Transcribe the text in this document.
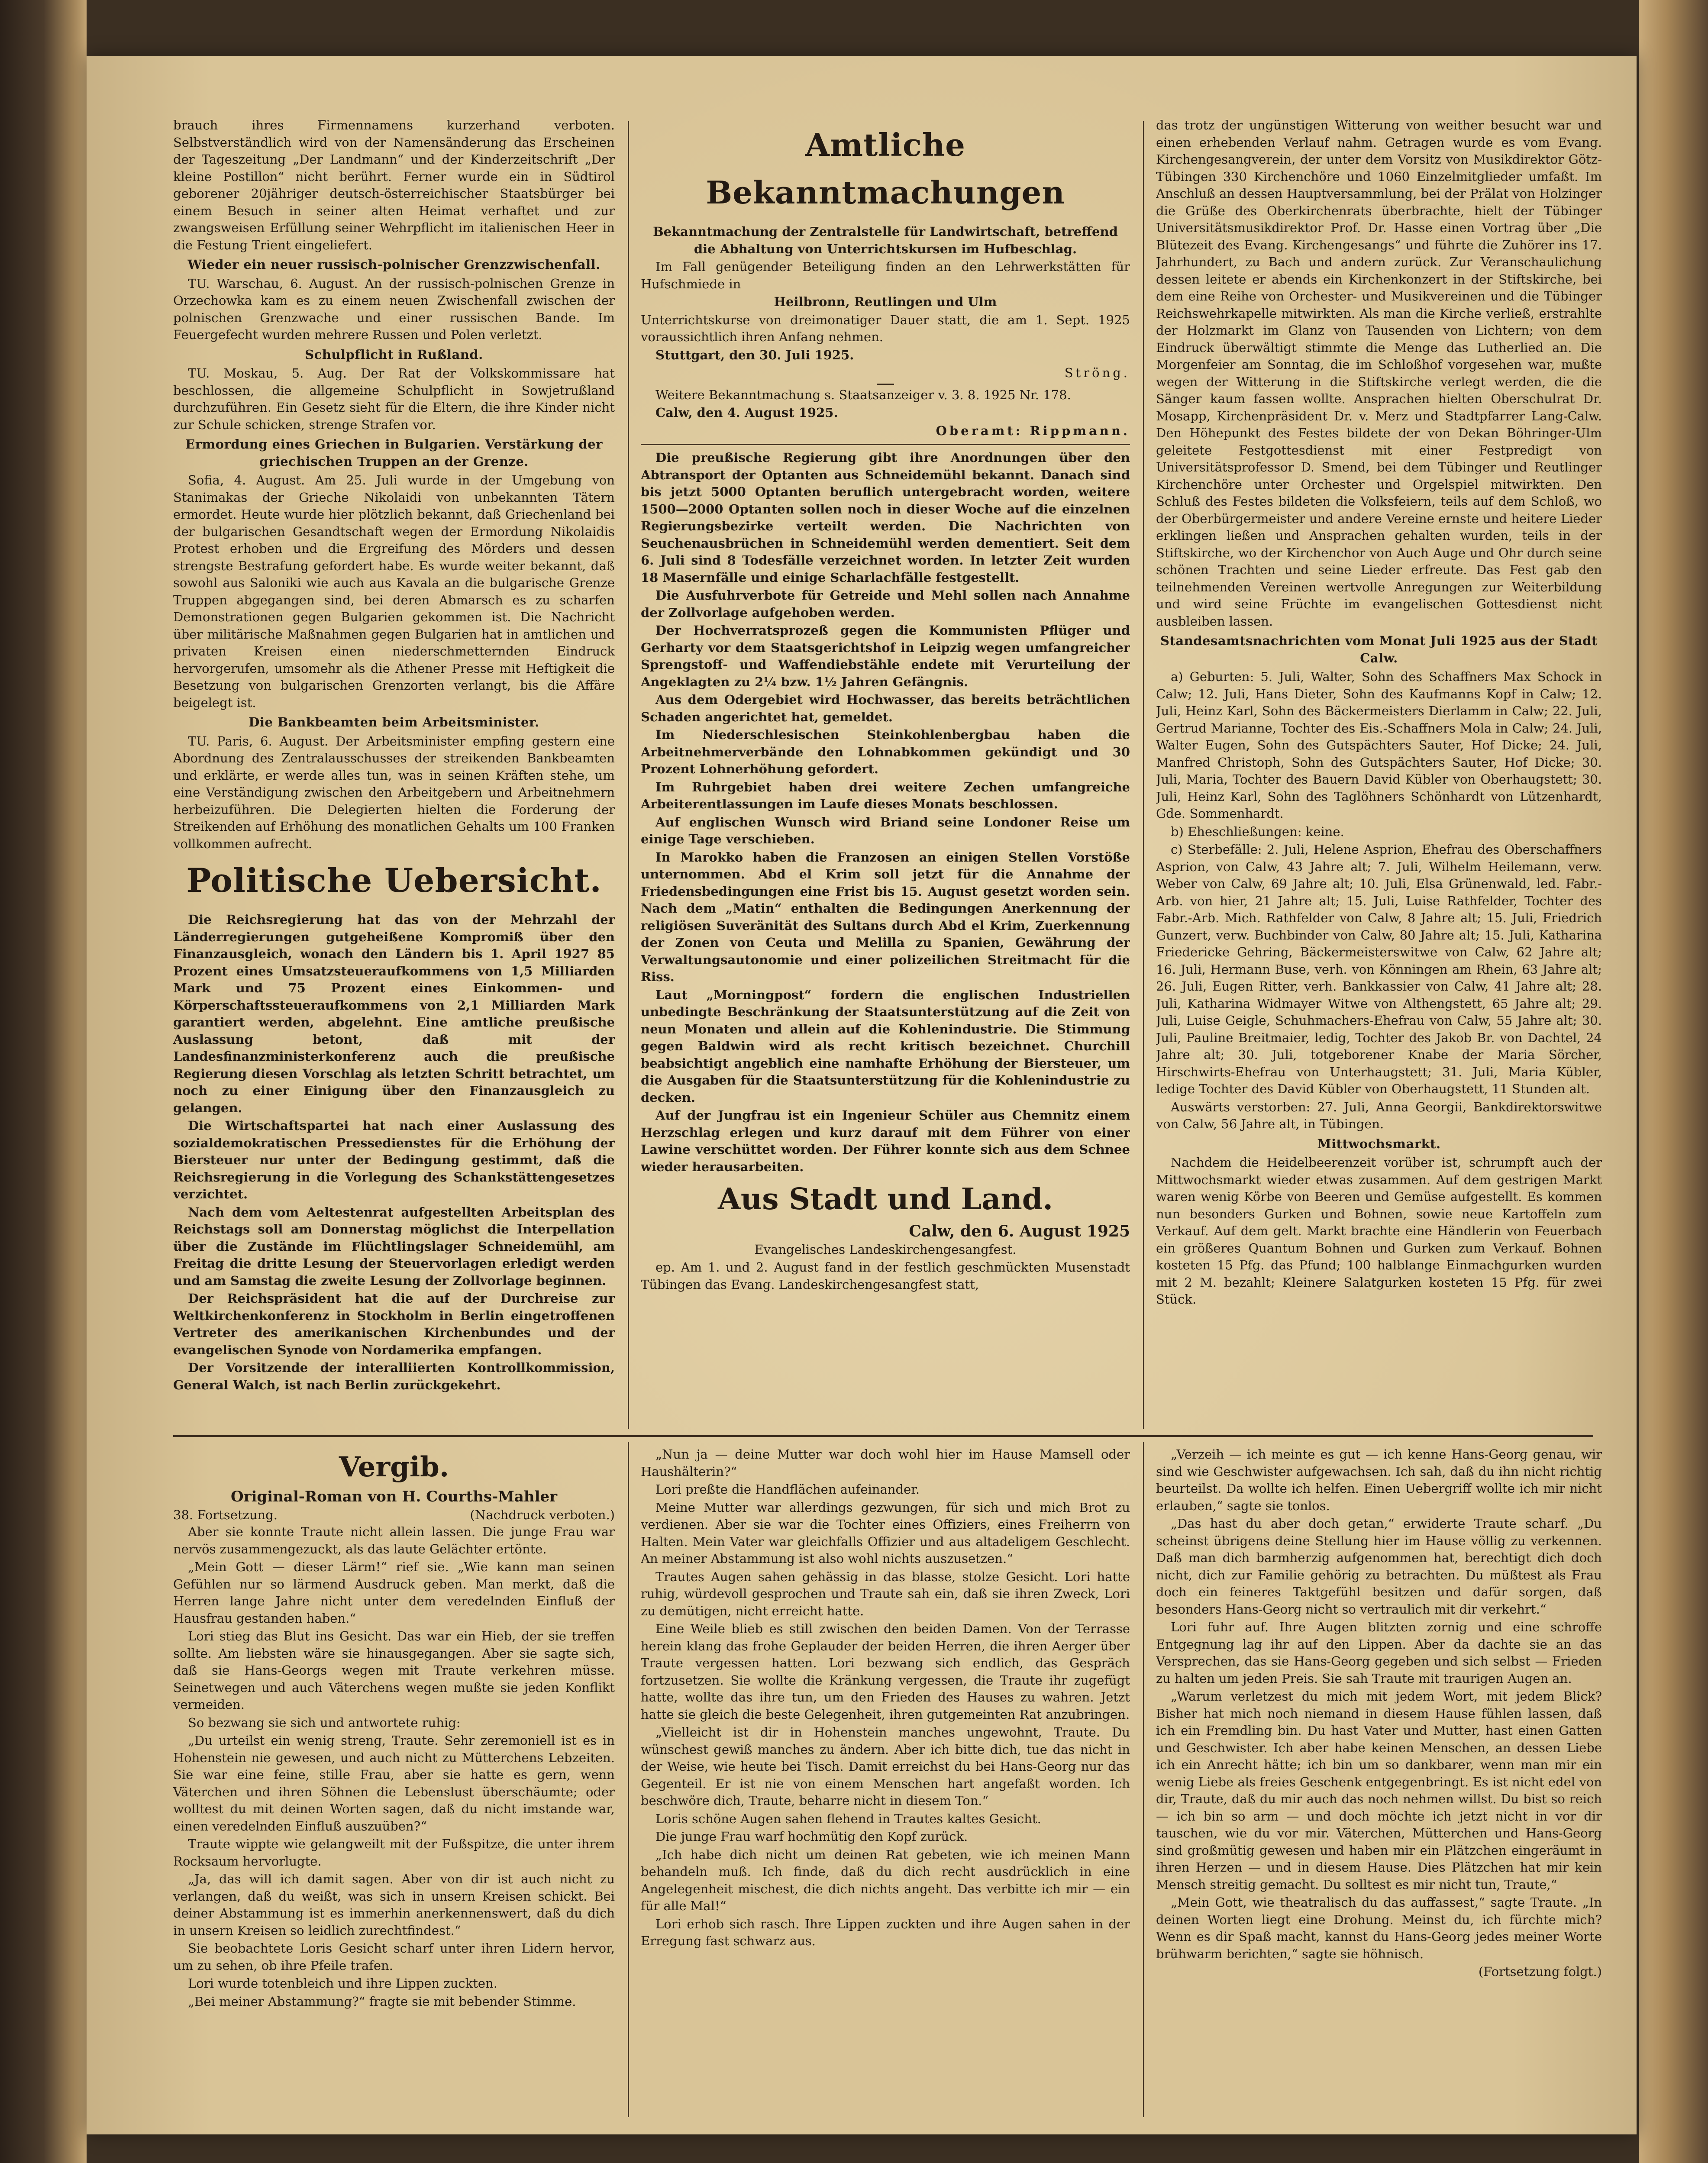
brauch ihres Firmennamens kurzerhand verboten. Selbstverständlich wird von der Namensänderung das Erscheinen der Tageszeitung „Der Landmann“ und der Kinderzeitschrift „Der kleine Postillon“ nicht berührt. Ferner wurde ein in Südtirol geborener 20jähriger deutsch-österreichischer Staatsbürger bei einem Besuch in seiner alten Heimat verhaftet und zur zwangsweisen Erfüllung seiner Wehrpflicht im italienischen Heer in die Festung Trient eingeliefert.

Wieder ein neuer russisch-polnischer Grenzzwischenfall.

TU. Warschau, 6. August. An der russisch-polnischen Grenze in Orzechowka kam es zu einem neuen Zwischenfall zwischen der polnischen Grenzwache und einer russischen Bande. Im Feuergefecht wurden mehrere Russen und Polen verletzt.

Schulpflicht in Rußland.

TU. Moskau, 5. Aug. Der Rat der Volkskommissare hat beschlossen, die allgemeine Schulpflicht in Sowjetrußland durchzuführen. Ein Gesetz sieht für die Eltern, die ihre Kinder nicht zur Schule schicken, strenge Strafen vor.

Ermordung eines Griechen in Bulgarien. Verstärkung der griechischen Truppen an der Grenze.

Sofia, 4. August. Am 25. Juli wurde in der Umgebung von Stanimakas der Grieche Nikolaidi von unbekannten Tätern ermordet. Heute wurde hier plötzlich bekannt, daß Griechenland bei der bulgarischen Gesandtschaft wegen der Ermordung Nikolaidis Protest erhoben und die Ergreifung des Mörders und dessen strengste Bestrafung gefordert habe. Es wurde weiter bekannt, daß sowohl aus Saloniki wie auch aus Kavala an die bulgarische Grenze Truppen abgegangen sind, bei deren Abmarsch es zu scharfen Demonstrationen gegen Bulgarien gekommen ist. Die Nachricht über militärische Maßnahmen gegen Bulgarien hat in amtlichen und privaten Kreisen einen niederschmetternden Eindruck hervorgerufen, umsomehr als die Athener Presse mit Heftigkeit die Besetzung von bulgarischen Grenzorten verlangt, bis die Affäre beigelegt ist.

Die Bankbeamten beim Arbeitsminister.

TU. Paris, 6. August. Der Arbeitsminister empfing gestern eine Abordnung des Zentralausschusses der streikenden Bankbeamten und erklärte, er werde alles tun, was in seinen Kräften stehe, um eine Verständigung zwischen den Arbeitgebern und Arbeitnehmern herbeizuführen. Die Delegierten hielten die Forderung der Streikenden auf Erhöhung des monatlichen Gehalts um 100 Franken vollkommen aufrecht.

Politische Uebersicht.

Die Reichsregierung hat das von der Mehrzahl der Länderregierungen gutgeheißene Kompromiß über den Finanzausgleich, wonach den Ländern bis 1. April 1927 85 Prozent eines Umsatzsteueraufkommens von 1,5 Milliarden Mark und 75 Prozent eines Einkommen- und Körperschaftssteueraufkommens von 2,1 Milliarden Mark garantiert werden, abgelehnt. Eine amtliche preußische Auslassung betont, daß mit der Landesfinanzministerkonferenz auch die preußische Regierung diesen Vorschlag als letzten Schritt betrachtet, um noch zu einer Einigung über den Finanzausgleich zu gelangen.

Die Wirtschaftspartei hat nach einer Auslassung des sozialdemokratischen Pressedienstes für die Erhöhung der Biersteuer nur unter der Bedingung gestimmt, daß die Reichsregierung in die Vorlegung des Schankstättengesetzes verzichtet.

Nach dem vom Aeltestenrat aufgestellten Arbeitsplan des Reichstags soll am Donnerstag möglichst die Interpellation über die Zustände im Flüchtlingslager Schneidemühl, am Freitag die dritte Lesung der Steuervorlagen erledigt werden und am Samstag die zweite Lesung der Zollvorlage beginnen.

Der Reichspräsident hat die auf der Durchreise zur Weltkirchenkonferenz in Stockholm in Berlin eingetroffenen Vertreter des amerikanischen Kirchenbundes und der evangelischen Synode von Nordamerika empfangen.

Der Vorsitzende der interalliierten Kontrollkommission, General Walch, ist nach Berlin zurückgekehrt.

Amtliche Bekanntmachungen

Bekanntmachung der Zentralstelle für Landwirtschaft, betreffend die Abhaltung von Unterrichtskursen im Hufbeschlag.

Im Fall genügender Beteiligung finden an den Lehrwerkstätten für Hufschmiede in

Heilbronn, Reutlingen und Ulm

Unterrichtskurse von dreimonatiger Dauer statt, die am 1. Sept. 1925 voraussichtlich ihren Anfang nehmen.

Stuttgart, den 30. Juli 1925.

Ströng.

Weitere Bekanntmachung s. Staatsanzeiger v. 3. 8. 1925 Nr. 178.

Calw, den 4. August 1925.

Oberamt: Rippmann.

Die preußische Regierung gibt ihre Anordnungen über den Abtransport der Optanten aus Schneidemühl bekannt. Danach sind bis jetzt 5000 Optanten beruflich untergebracht worden, weitere 1500—2000 Optanten sollen noch in dieser Woche auf die einzelnen Regierungsbezirke verteilt werden. Die Nachrichten von Seuchenausbrüchen in Schneidemühl werden dementiert. Seit dem 6. Juli sind 8 Todesfälle verzeichnet worden. In letzter Zeit wurden 18 Masernfälle und einige Scharlachfälle festgestellt.

Die Ausfuhrverbote für Getreide und Mehl sollen nach Annahme der Zollvorlage aufgehoben werden.

Der Hochverratsprozeß gegen die Kommunisten Pflüger und Gerharty vor dem Staatsgerichtshof in Leipzig wegen umfangreicher Sprengstoff- und Waffendiebstähle endete mit Verurteilung der Angeklagten zu 2¼ bzw. 1½ Jahren Gefängnis.

Aus dem Odergebiet wird Hochwasser, das bereits beträchtlichen Schaden angerichtet hat, gemeldet.

Im Niederschlesischen Steinkohlenbergbau haben die Arbeitnehmerverbände den Lohnabkommen gekündigt und 30 Prozent Lohnerhöhung gefordert.

Im Ruhrgebiet haben drei weitere Zechen umfangreiche Arbeiterentlassungen im Laufe dieses Monats beschlossen.

Auf englischen Wunsch wird Briand seine Londoner Reise um einige Tage verschieben.

In Marokko haben die Franzosen an einigen Stellen Vorstöße unternommen. Abd el Krim soll jetzt für die Annahme der Friedensbedingungen eine Frist bis 15. August gesetzt worden sein. Nach dem „Matin“ enthalten die Bedingungen Anerkennung der religiösen Suveränität des Sultans durch Abd el Krim, Zuerkennung der Zonen von Ceuta und Melilla zu Spanien, Gewährung der Verwaltungsautonomie und einer polizeilichen Streitmacht für die Riss.

Laut „Morningpost“ fordern die englischen Industriellen unbedingte Beschränkung der Staatsunterstützung auf die Zeit von neun Monaten und allein auf die Kohlenindustrie. Die Stimmung gegen Baldwin wird als recht kritisch bezeichnet. Churchill beabsichtigt angeblich eine namhafte Erhöhung der Biersteuer, um die Ausgaben für die Staatsunterstützung für die Kohlenindustrie zu decken.

Auf der Jungfrau ist ein Ingenieur Schüler aus Chemnitz einem Herzschlag erlegen und kurz darauf mit dem Führer von einer Lawine verschüttet worden. Der Führer konnte sich aus dem Schnee wieder herausarbeiten.

Aus Stadt und Land.

Calw, den 6. August 1925

Evangelisches Landeskirchengesangfest.

ep. Am 1. und 2. August fand in der festlich geschmückten Musenstadt Tübingen das Evang. Landeskirchengesangfest statt,

das trotz der ungünstigen Witterung von weither besucht war und einen erhebenden Verlauf nahm. Getragen wurde es vom Evang. Kirchengesangverein, der unter dem Vorsitz von Musikdirektor Götz-Tübingen 330 Kirchenchöre und 1060 Einzelmitglieder umfaßt. Im Anschluß an dessen Hauptversammlung, bei der Prälat von Holzinger die Grüße des Oberkirchenrats überbrachte, hielt der Tübinger Universitätsmusikdirektor Prof. Dr. Hasse einen Vortrag über „Die Blütezeit des Evang. Kirchengesangs“ und führte die Zuhörer ins 17. Jahrhundert, zu Bach und andern zurück. Zur Veranschaulichung dessen leitete er abends ein Kirchenkonzert in der Stiftskirche, bei dem eine Reihe von Orchester- und Musikvereinen und die Tübinger Reichswehrkapelle mitwirkten. Als man die Kirche verließ, erstrahlte der Holzmarkt im Glanz von Tausenden von Lichtern; von dem Eindruck überwältigt stimmte die Menge das Lutherlied an. Die Morgenfeier am Sonntag, die im Schloßhof vorgesehen war, mußte wegen der Witterung in die Stiftskirche verlegt werden, die die Sänger kaum fassen wollte. Ansprachen hielten Oberschulrat Dr. Mosapp, Kirchenpräsident Dr. v. Merz und Stadtpfarrer Lang-Calw. Den Höhepunkt des Festes bildete der von Dekan Böhringer-Ulm geleitete Festgottesdienst mit einer Festpredigt von Universitätsprofessor D. Smend, bei dem Tübinger und Reutlinger Kirchenchöre unter Orchester und Orgelspiel mitwirkten. Den Schluß des Festes bildeten die Volksfeiern, teils auf dem Schloß, wo der Oberbürgermeister und andere Vereine ernste und heitere Lieder erklingen ließen und Ansprachen gehalten wurden, teils in der Stiftskirche, wo der Kirchenchor von Auch Auge und Ohr durch seine schönen Trachten und seine Lieder erfreute. Das Fest gab den teilnehmenden Vereinen wertvolle Anregungen zur Weiterbildung und wird seine Früchte im evangelischen Gottesdienst nicht ausbleiben lassen.

Standesamtsnachrichten vom Monat Juli 1925 aus der Stadt Calw.

a) Geburten: 5. Juli, Walter, Sohn des Schaffners Max Schock in Calw; 12. Juli, Hans Dieter, Sohn des Kaufmanns Kopf in Calw; 12. Juli, Heinz Karl, Sohn des Bäckermeisters Dierlamm in Calw; 22. Juli, Gertrud Marianne, Tochter des Eis.-Schaffners Mola in Calw; 24. Juli, Walter Eugen, Sohn des Gutspächters Sauter, Hof Dicke; 24. Juli, Manfred Christoph, Sohn des Gutspächters Sauter, Hof Dicke; 30. Juli, Maria, Tochter des Bauern David Kübler von Oberhaugstett; 30. Juli, Heinz Karl, Sohn des Taglöhners Schönhardt von Lützenhardt, Gde. Sommenhardt.

b) Eheschließungen: keine.

c) Sterbefälle: 2. Juli, Helene Asprion, Ehefrau des Oberschaffners Asprion, von Calw, 43 Jahre alt; 7. Juli, Wilhelm Heilemann, verw. Weber von Calw, 69 Jahre alt; 10. Juli, Elsa Grünenwald, led. Fabr.-Arb. von hier, 21 Jahre alt; 15. Juli, Luise Rathfelder, Tochter des Fabr.-Arb. Mich. Rathfelder von Calw, 8 Jahre alt; 15. Juli, Friedrich Gunzert, verw. Buchbinder von Calw, 80 Jahre alt; 15. Juli, Katharina Friedericke Gehring, Bäckermeisterswitwe von Calw, 62 Jahre alt; 16. Juli, Hermann Buse, verh. von Könningen am Rhein, 63 Jahre alt; 26. Juli, Eugen Ritter, verh. Bankkassier von Calw, 41 Jahre alt; 28. Juli, Katharina Widmayer Witwe von Althengstett, 65 Jahre alt; 29. Juli, Luise Geigle, Schuhmachers-Ehefrau von Calw, 55 Jahre alt; 30. Juli, Pauline Breitmaier, ledig, Tochter des Jakob Br. von Dachtel, 24 Jahre alt; 30. Juli, totgeborener Knabe der Maria Sörcher, Hirschwirts-Ehefrau von Unterhaugstett; 31. Juli, Maria Kübler, ledige Tochter des David Kübler von Oberhaugstett, 11 Stunden alt.

Auswärts verstorben: 27. Juli, Anna Georgii, Bankdirektorswitwe von Calw, 56 Jahre alt, in Tübingen.

Mittwochsmarkt.

Nachdem die Heidelbeerenzeit vorüber ist, schrumpft auch der Mittwochsmarkt wieder etwas zusammen. Auf dem gestrigen Markt waren wenig Körbe von Beeren und Gemüse aufgestellt. Es kommen nun besonders Gurken und Bohnen, sowie neue Kartoffeln zum Verkauf. Auf dem gelt. Markt brachte eine Händlerin von Feuerbach ein größeres Quantum Bohnen und Gurken zum Verkauf. Bohnen kosteten 15 Pfg. das Pfund; 100 halblange Einmachgurken wurden mit 2 M. bezahlt; Kleinere Salatgurken kosteten 15 Pfg. für zwei Stück.

Vergib.

Original-Roman von H. Courths-Mahler

38. Fortsetzung.	(Nachdruck verboten.)

Aber sie konnte Traute nicht allein lassen. Die junge Frau war nervös zusammengezuckt, als das laute Gelächter ertönte.

„Mein Gott — dieser Lärm!“ rief sie. „Wie kann man seinen Gefühlen nur so lärmend Ausdruck geben. Man merkt, daß die Herren lange Jahre nicht unter dem veredelnden Einfluß der Hausfrau gestanden haben.“

Lori stieg das Blut ins Gesicht. Das war ein Hieb, der sie treffen sollte. Am liebsten wäre sie hinausgegangen. Aber sie sagte sich, daß sie Hans-Georgs wegen mit Traute verkehren müsse. Seinetwegen und auch Väterchens wegen mußte sie jeden Konflikt vermeiden.

So bezwang sie sich und antwortete ruhig:

„Du urteilst ein wenig streng, Traute. Sehr zeremoniell ist es in Hohenstein nie gewesen, und auch nicht zu Mütterchens Lebzeiten. Sie war eine feine, stille Frau, aber sie hatte es gern, wenn Väterchen und ihren Söhnen die Lebenslust überschäumte; oder wolltest du mit deinen Worten sagen, daß du nicht imstande war, einen veredelnden Einfluß auszuüben?“

Traute wippte wie gelangweilt mit der Fußspitze, die unter ihrem Rocksaum hervorlugte.

„Ja, das will ich damit sagen. Aber von dir ist auch nicht zu verlangen, daß du weißt, was sich in unsern Kreisen schickt. Bei deiner Abstammung ist es immerhin anerkennenswert, daß du dich in unsern Kreisen so leidlich zurechtfindest.“

Sie beobachtete Loris Gesicht scharf unter ihren Lidern hervor, um zu sehen, ob ihre Pfeile trafen.

Lori wurde totenbleich und ihre Lippen zuckten.

„Bei meiner Abstammung?“ fragte sie mit bebender Stimme.

„Nun ja — deine Mutter war doch wohl hier im Hause Mamsell oder Haushälterin?“

Lori preßte die Handflächen aufeinander.

Meine Mutter war allerdings gezwungen, für sich und mich Brot zu verdienen. Aber sie war die Tochter eines Offiziers, eines Freiherrn von Halten. Mein Vater war gleichfalls Offizier und aus altadeligem Geschlecht. An meiner Abstammung ist also wohl nichts auszusetzen.“

Trautes Augen sahen gehässig in das blasse, stolze Gesicht. Lori hatte ruhig, würdevoll gesprochen und Traute sah ein, daß sie ihren Zweck, Lori zu demütigen, nicht erreicht hatte.

Eine Weile blieb es still zwischen den beiden Damen. Von der Terrasse herein klang das frohe Geplauder der beiden Herren, die ihren Aerger über Traute vergessen hatten. Lori bezwang sich endlich, das Gespräch fortzusetzen. Sie wollte die Kränkung vergessen, die Traute ihr zugefügt hatte, wollte das ihre tun, um den Frieden des Hauses zu wahren. Jetzt hatte sie gleich die beste Gelegenheit, ihren gutgemeinten Rat anzubringen.

„Vielleicht ist dir in Hohenstein manches ungewohnt, Traute. Du wünschest gewiß manches zu ändern. Aber ich bitte dich, tue das nicht in der Weise, wie heute bei Tisch. Damit erreichst du bei Hans-Georg nur das Gegenteil. Er ist nie von einem Menschen hart angefaßt worden. Ich beschwöre dich, Traute, beharre nicht in diesem Ton.“

Loris schöne Augen sahen flehend in Trautes kaltes Gesicht.

Die junge Frau warf hochmütig den Kopf zurück.

„Ich habe dich nicht um deinen Rat gebeten, wie ich meinen Mann behandeln muß. Ich finde, daß du dich recht ausdrücklich in eine Angelegenheit mischest, die dich nichts angeht. Das verbitte ich mir — ein für alle Mal!“

Lori erhob sich rasch. Ihre Lippen zuckten und ihre Augen sahen in der Erregung fast schwarz aus.

„Verzeih — ich meinte es gut — ich kenne Hans-Georg genau, wir sind wie Geschwister aufgewachsen. Ich sah, daß du ihn nicht richtig beurteilst. Da wollte ich helfen. Einen Uebergriff wollte ich mir nicht erlauben,“ sagte sie tonlos.

„Das hast du aber doch getan,“ erwiderte Traute scharf. „Du scheinst übrigens deine Stellung hier im Hause völlig zu verkennen. Daß man dich barmherzig aufgenommen hat, berechtigt dich doch nicht, dich zur Familie gehörig zu betrachten. Du müßtest als Frau doch ein feineres Taktgefühl besitzen und dafür sorgen, daß besonders Hans-Georg nicht so vertraulich mit dir verkehrt.“

Lori fuhr auf. Ihre Augen blitzten zornig und eine schroffe Entgegnung lag ihr auf den Lippen. Aber da dachte sie an das Versprechen, das sie Hans-Georg gegeben und sich selbst — Frieden zu halten um jeden Preis. Sie sah Traute mit traurigen Augen an.

„Warum verletzest du mich mit jedem Wort, mit jedem Blick? Bisher hat mich noch niemand in diesem Hause fühlen lassen, daß ich ein Fremdling bin. Du hast Vater und Mutter, hast einen Gatten und Geschwister. Ich aber habe keinen Menschen, an dessen Liebe ich ein Anrecht hätte; ich bin um so dankbarer, wenn man mir ein wenig Liebe als freies Geschenk entgegenbringt. Es ist nicht edel von dir, Traute, daß du mir auch das noch nehmen willst. Du bist so reich — ich bin so arm — und doch möchte ich jetzt nicht in vor dir tauschen, wie du vor mir. Väterchen, Mütterchen und Hans-Georg sind großmütig gewesen und haben mir ein Plätzchen eingeräumt in ihren Herzen — und in diesem Hause. Dies Plätzchen hat mir kein Mensch streitig gemacht. Du solltest es mir nicht tun, Traute,“

„Mein Gott, wie theatralisch du das auffassest,“ sagte Traute. „In deinen Worten liegt eine Drohung. Meinst du, ich fürchte mich? Wenn es dir Spaß macht, kannst du Hans-Georg jedes meiner Worte brühwarm berichten,“ sagte sie höhnisch.

(Fortsetzung folgt.)
